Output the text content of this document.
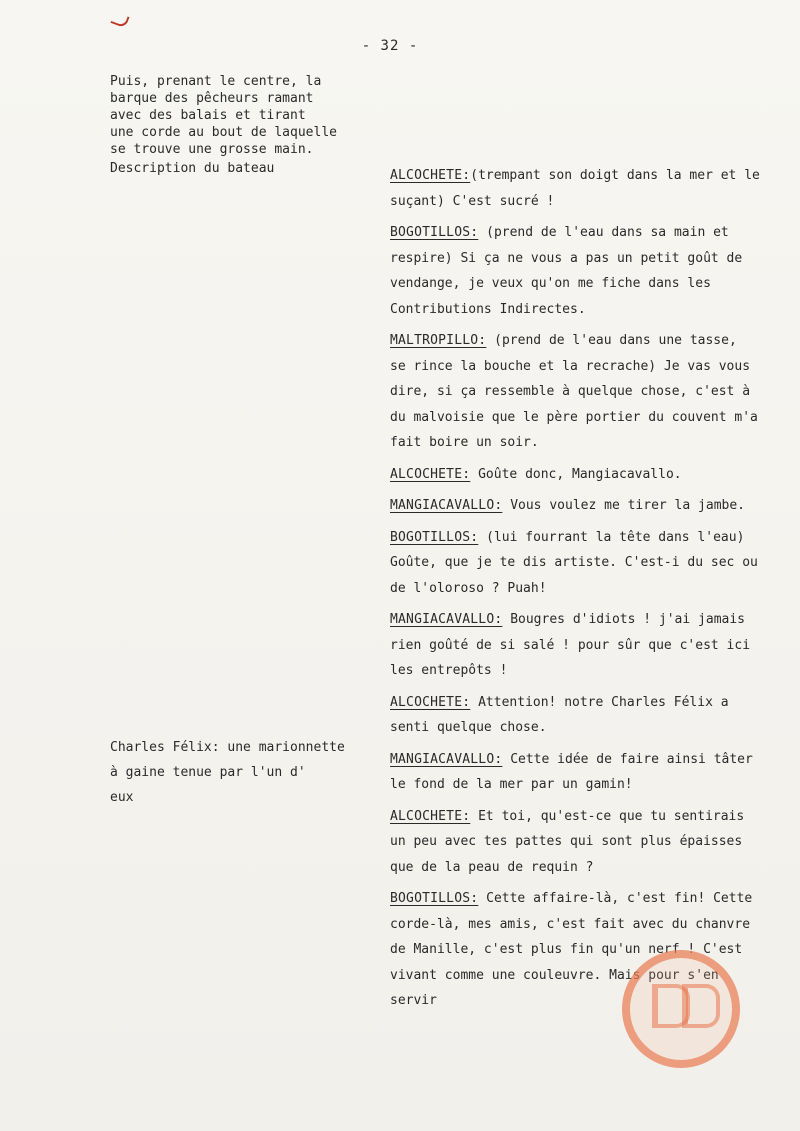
- 32 -
Puis, prenant le centre, la
barque des pêcheurs ramant
avec des balais et tirant
une corde au bout de laquelle
se trouve une grosse main.
Description du bateau
Charles Félix: une marionnette
à gaine tenue par l'un d'
eux

ALCOCHETE:(trempant son doigt dans la mer et le suçant) C'est sucré !

BOGOTILLOS: (prend de l'eau dans sa main et respire) Si ça ne vous a pas un petit goût de vendange, je veux qu'on me fiche dans les Contributions Indirectes.

MALTROPILLO: (prend de l'eau dans une tasse, se rince la bouche et la recrache) Je vas vous dire, si ça ressemble à quelque chose, c'est à du malvoisie que le père portier du couvent m'a fait boire un soir.

ALCOCHETE: Goûte donc, Mangiacavallo.

MANGIACAVALLO: Vous voulez me tirer la jambe.

BOGOTILLOS: (lui fourrant la tête dans l'eau) Goûte, que je te dis artiste. C'est-i du sec ou de l'oloroso ? Puah!

MANGIACAVALLO: Bougres d'idiots ! j'ai jamais rien goûté de si salé ! pour sûr que c'est ici les entrepôts !

ALCOCHETE: Attention! notre Charles Félix a senti quelque chose.

MANGIACAVALLO: Cette idée de faire ainsi tâter le fond de la mer par un gamin!

ALCOCHETE: Et toi, qu'est-ce que tu sentirais un peu avec tes pattes qui sont plus épaisses que de la peau de requin ?

BOGOTILLOS: Cette affaire-là, c'est fin! Cette corde-là, mes amis, c'est fait avec du chanvre de Manille, c'est plus fin qu'un nerf ! C'est vivant comme une couleuvre. Mais pour s'en servir
